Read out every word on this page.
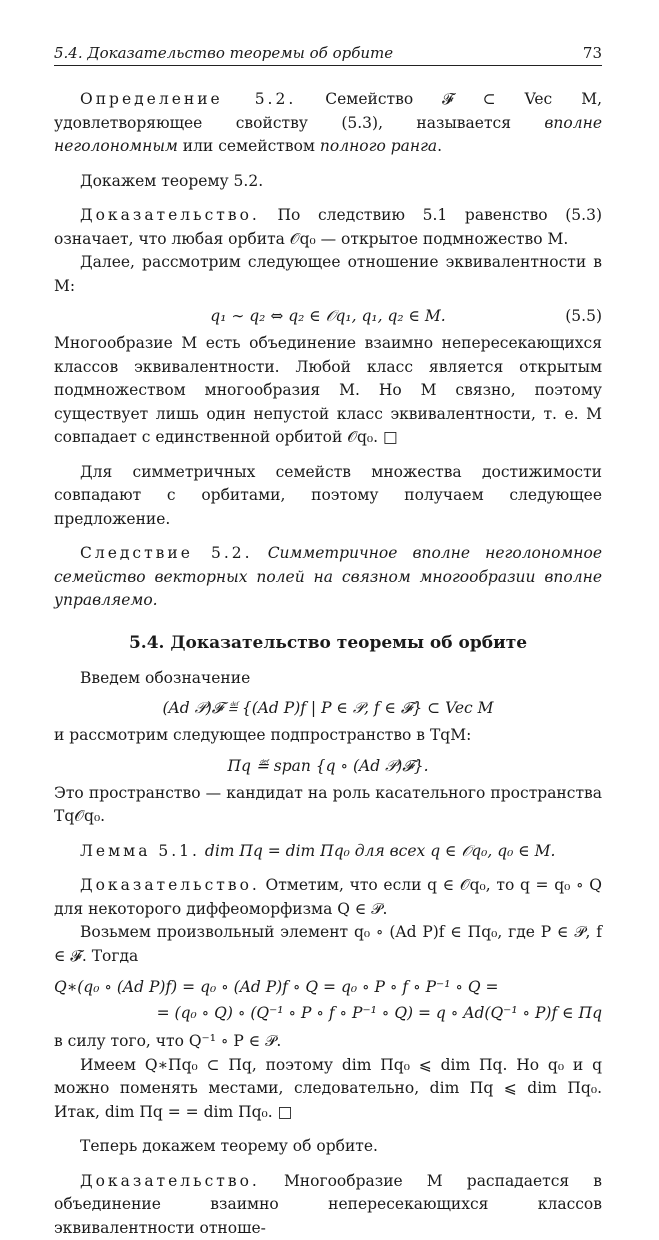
5.4. Доказательство теоремы об орбите	73

Определение 5.2. Семейство 𝓕 ⊂ Vec M, удовлетворяющее свойству (5.3), называется вполне неголономным или семейством полного ранга.

Докажем теорему 5.2.

Доказательство. По следствию 5.1 равенство (5.3) означает, что любая орбита 𝒪q₀ — открытое подмножество M.

Далее, рассмотрим следующее отношение эквивалентности в M:

q₁ ∼ q₂ ⇔ q₂ ∈ 𝒪q₁, q₁, q₂ ∈ M.	(5.5)

Многообразие M есть объединение взаимно непересекающихся классов эквивалентности. Любой класс является открытым подмножеством многообразия M. Но M связно, поэтому существует лишь один непустой класс эквивалентности, т. е. M совпадает с единственной орбитой 𝒪q₀. □

Для симметричных семейств множества достижимости совпадают с орбитами, поэтому получаем следующее предложение.

Следствие 5.2. Симметричное вполне неголономное семейство векторных полей на связном многообразии вполне управляемо.

5.4. Доказательство теоремы об орбите

Введем обозначение

(Ad 𝒫)𝓕 ≝ {(Ad P)f | P ∈ 𝒫, f ∈ 𝓕} ⊂ Vec M

и рассмотрим следующее подпространство в TqM:

Πq ≝ span {q ∘ (Ad 𝒫)𝓕}.

Это пространство — кандидат на роль касательного пространства Tq𝒪q₀.

Лемма 5.1. dim Πq = dim Πq₀ для всех q ∈ 𝒪q₀, q₀ ∈ M.

Доказательство. Отметим, что если q ∈ 𝒪q₀, то q = q₀ ∘ Q для некоторого диффеоморфизма Q ∈ 𝒫.

Возьмем произвольный элемент q₀ ∘ (Ad P)f ∈ Πq₀, где P ∈ 𝒫, f ∈ 𝓕. Тогда

Q∗(q₀ ∘ (Ad P)f) = q₀ ∘ (Ad P)f ∘ Q = q₀ ∘ P ∘ f ∘ P⁻¹ ∘ Q =
= (q₀ ∘ Q) ∘ (Q⁻¹ ∘ P ∘ f ∘ P⁻¹ ∘ Q) = q ∘ Ad(Q⁻¹ ∘ P)f ∈ Πq

в силу того, что Q⁻¹ ∘ P ∈ 𝒫.

Имеем Q∗Πq₀ ⊂ Πq, поэтому dim Πq₀ ⩽ dim Πq. Но q₀ и q можно поменять местами, следовательно, dim Πq ⩽ dim Πq₀. Итак, dim Πq = = dim Πq₀. □

Теперь докажем теорему об орбите.

Доказательство. Многообразие M распадается в объединение взаимно непересекающихся классов эквивалентности отноше-
